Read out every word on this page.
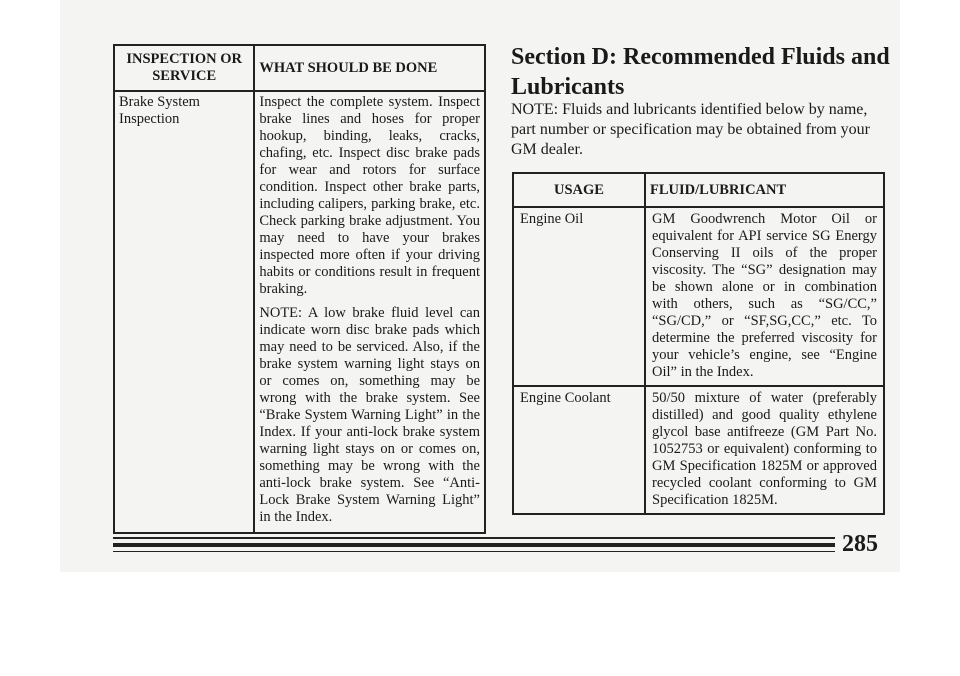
INSPECTION OR SERVICE	WHAT SHOULD BE DONE
Brake System Inspection	Inspect the complete system. Inspect brake lines and hoses for proper hookup, binding, leaks, cracks, chafing, etc. Inspect disc brake pads for wear and rotors for surface condition. Inspect other brake parts, including calipers, parking brake, etc. Check parking brake adjustment. You may need to have your brakes inspected more often if your driving habits or conditions result in frequent braking.

NOTE: A low brake fluid level can indicate worn disc brake pads which may need to be serviced. Also, if the brake system warning light stays on or comes on, something may be wrong with the brake system. See “Brake System Warning Light” in the Index. If your anti-lock brake system warning light stays on or comes on, something may be wrong with the anti-lock brake system. See “Anti-Lock Brake System Warning Light” in the Index.

Section D: Recommended Fluids and Lubricants

NOTE: Fluids and lubricants identified below by name, part number or specification may be obtained from your GM dealer.

USAGE	FLUID/LUBRICANT
Engine Oil	GM Goodwrench Motor Oil or equivalent for API service SG Energy Conserving II oils of the proper viscosity. The “SG” designation may be shown alone or in combination with others, such as “SG/CC,” “SG/CD,” or “SF,SG,CC,” etc. To determine the preferred viscosity for your vehicle’s engine, see “Engine Oil” in the Index.
Engine Coolant	50/50 mixture of water (preferably distilled) and good quality ethylene glycol base antifreeze (GM Part No. 1052753 or equivalent) conforming to GM Specification 1825M or approved recycled coolant conforming to GM Specification 1825M.
285
